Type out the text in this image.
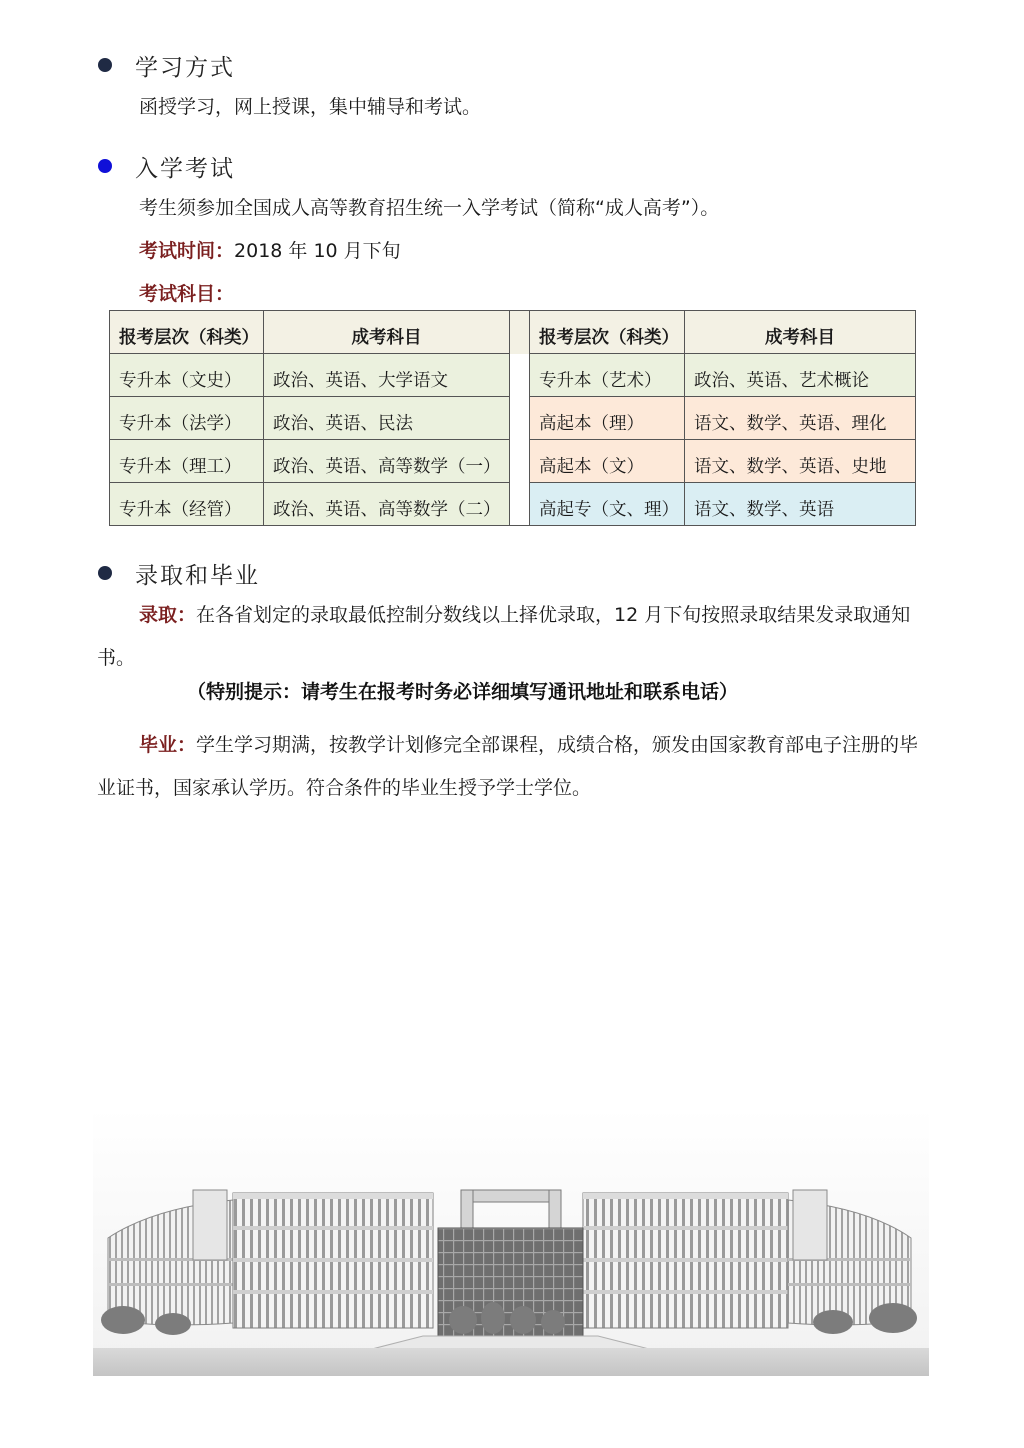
学习方式
函授学习，网上授课，集中辅导和考试。
入学考试
考生须参加全国成人高等教育招生统一入学考试（简称“成人高考”）。
考试时间：2018 年 10 月下旬
考试科目：
报考层次（科类）	成考科目		报考层次（科类）	成考科目
专升本（文史）	政治、英语、大学语文		专升本（艺术）	政治、英语、艺术概论
专升本（法学）	政治、英语、民法		高起本（理）	语文、数学、英语、理化
专升本（理工）	政治、英语、高等数学（一）		高起本（文）	语文、数学、英语、史地
专升本（经管）	政治、英语、高等数学（二）		高起专（文、理）	语文、数学、英语
录取和毕业
录取：在各省划定的录取最低控制分数线以上择优录取，12 月下旬按照录取结果发录取通知书。
（特别提示：请考生在报考时务必详细填写通讯地址和联系电话）
毕业：学生学习期满，按教学计划修完全部课程，成绩合格，颁发由国家教育部电子注册的毕业证书，国家承认学历。符合条件的毕业生授予学士学位。
